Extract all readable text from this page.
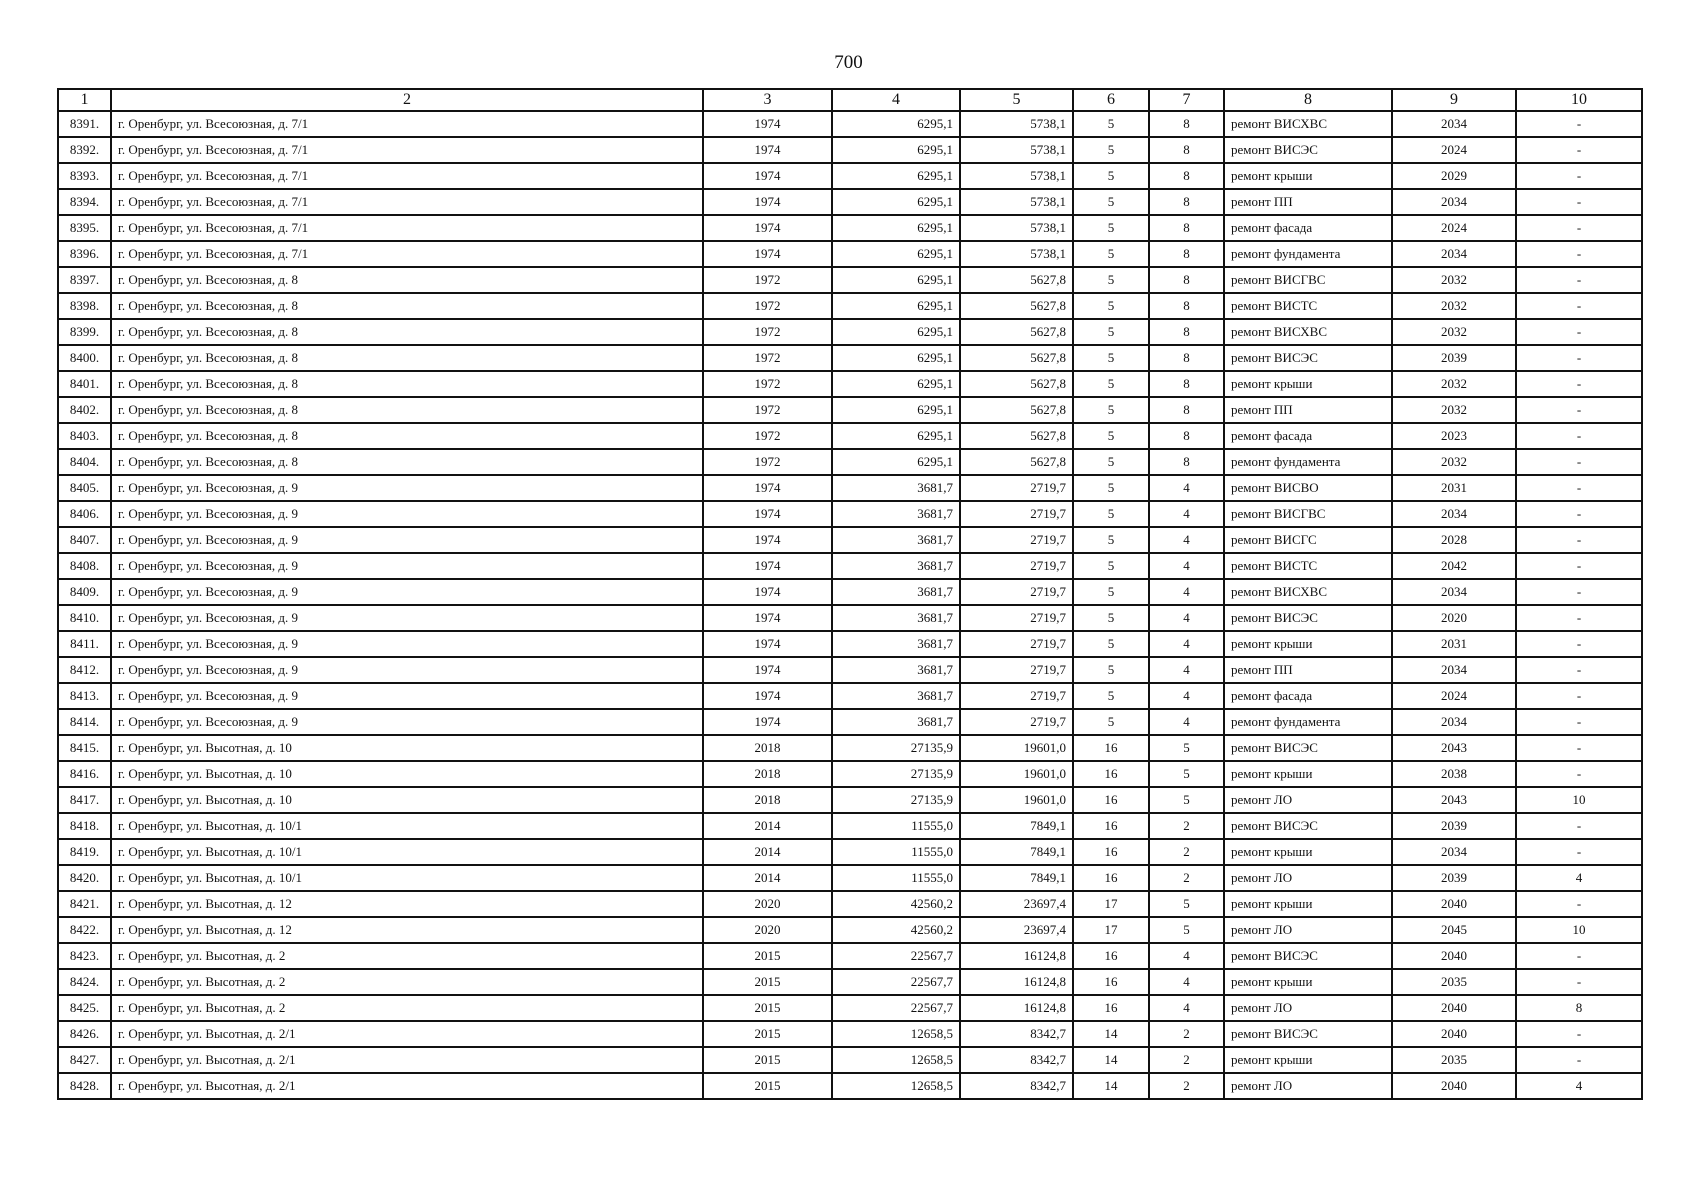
700
1	2	3	4	5	6	7	8	9	10
8391.	г. Оренбург, ул. Всесоюзная, д. 7/1	1974	6295,1	5738,1	5	8	ремонт ВИСХВС	2034	-
8392.	г. Оренбург, ул. Всесоюзная, д. 7/1	1974	6295,1	5738,1	5	8	ремонт ВИСЭС	2024	-
8393.	г. Оренбург, ул. Всесоюзная, д. 7/1	1974	6295,1	5738,1	5	8	ремонт крыши	2029	-
8394.	г. Оренбург, ул. Всесоюзная, д. 7/1	1974	6295,1	5738,1	5	8	ремонт ПП	2034	-
8395.	г. Оренбург, ул. Всесоюзная, д. 7/1	1974	6295,1	5738,1	5	8	ремонт фасада	2024	-
8396.	г. Оренбург, ул. Всесоюзная, д. 7/1	1974	6295,1	5738,1	5	8	ремонт фундамента	2034	-
8397.	г. Оренбург, ул. Всесоюзная, д. 8	1972	6295,1	5627,8	5	8	ремонт ВИСГВС	2032	-
8398.	г. Оренбург, ул. Всесоюзная, д. 8	1972	6295,1	5627,8	5	8	ремонт ВИСТС	2032	-
8399.	г. Оренбург, ул. Всесоюзная, д. 8	1972	6295,1	5627,8	5	8	ремонт ВИСХВС	2032	-
8400.	г. Оренбург, ул. Всесоюзная, д. 8	1972	6295,1	5627,8	5	8	ремонт ВИСЭС	2039	-
8401.	г. Оренбург, ул. Всесоюзная, д. 8	1972	6295,1	5627,8	5	8	ремонт крыши	2032	-
8402.	г. Оренбург, ул. Всесоюзная, д. 8	1972	6295,1	5627,8	5	8	ремонт ПП	2032	-
8403.	г. Оренбург, ул. Всесоюзная, д. 8	1972	6295,1	5627,8	5	8	ремонт фасада	2023	-
8404.	г. Оренбург, ул. Всесоюзная, д. 8	1972	6295,1	5627,8	5	8	ремонт фундамента	2032	-
8405.	г. Оренбург, ул. Всесоюзная, д. 9	1974	3681,7	2719,7	5	4	ремонт ВИСВО	2031	-
8406.	г. Оренбург, ул. Всесоюзная, д. 9	1974	3681,7	2719,7	5	4	ремонт ВИСГВС	2034	-
8407.	г. Оренбург, ул. Всесоюзная, д. 9	1974	3681,7	2719,7	5	4	ремонт ВИСГС	2028	-
8408.	г. Оренбург, ул. Всесоюзная, д. 9	1974	3681,7	2719,7	5	4	ремонт ВИСТС	2042	-
8409.	г. Оренбург, ул. Всесоюзная, д. 9	1974	3681,7	2719,7	5	4	ремонт ВИСХВС	2034	-
8410.	г. Оренбург, ул. Всесоюзная, д. 9	1974	3681,7	2719,7	5	4	ремонт ВИСЭС	2020	-
8411.	г. Оренбург, ул. Всесоюзная, д. 9	1974	3681,7	2719,7	5	4	ремонт крыши	2031	-
8412.	г. Оренбург, ул. Всесоюзная, д. 9	1974	3681,7	2719,7	5	4	ремонт ПП	2034	-
8413.	г. Оренбург, ул. Всесоюзная, д. 9	1974	3681,7	2719,7	5	4	ремонт фасада	2024	-
8414.	г. Оренбург, ул. Всесоюзная, д. 9	1974	3681,7	2719,7	5	4	ремонт фундамента	2034	-
8415.	г. Оренбург, ул. Высотная, д. 10	2018	27135,9	19601,0	16	5	ремонт ВИСЭС	2043	-
8416.	г. Оренбург, ул. Высотная, д. 10	2018	27135,9	19601,0	16	5	ремонт крыши	2038	-
8417.	г. Оренбург, ул. Высотная, д. 10	2018	27135,9	19601,0	16	5	ремонт ЛО	2043	10
8418.	г. Оренбург, ул. Высотная, д. 10/1	2014	11555,0	7849,1	16	2	ремонт ВИСЭС	2039	-
8419.	г. Оренбург, ул. Высотная, д. 10/1	2014	11555,0	7849,1	16	2	ремонт крыши	2034	-
8420.	г. Оренбург, ул. Высотная, д. 10/1	2014	11555,0	7849,1	16	2	ремонт ЛО	2039	4
8421.	г. Оренбург, ул. Высотная, д. 12	2020	42560,2	23697,4	17	5	ремонт крыши	2040	-
8422.	г. Оренбург, ул. Высотная, д. 12	2020	42560,2	23697,4	17	5	ремонт ЛО	2045	10
8423.	г. Оренбург, ул. Высотная, д. 2	2015	22567,7	16124,8	16	4	ремонт ВИСЭС	2040	-
8424.	г. Оренбург, ул. Высотная, д. 2	2015	22567,7	16124,8	16	4	ремонт крыши	2035	-
8425.	г. Оренбург, ул. Высотная, д. 2	2015	22567,7	16124,8	16	4	ремонт ЛО	2040	8
8426.	г. Оренбург, ул. Высотная, д. 2/1	2015	12658,5	8342,7	14	2	ремонт ВИСЭС	2040	-
8427.	г. Оренбург, ул. Высотная, д. 2/1	2015	12658,5	8342,7	14	2	ремонт крыши	2035	-
8428.	г. Оренбург, ул. Высотная, д. 2/1	2015	12658,5	8342,7	14	2	ремонт ЛО	2040	4
